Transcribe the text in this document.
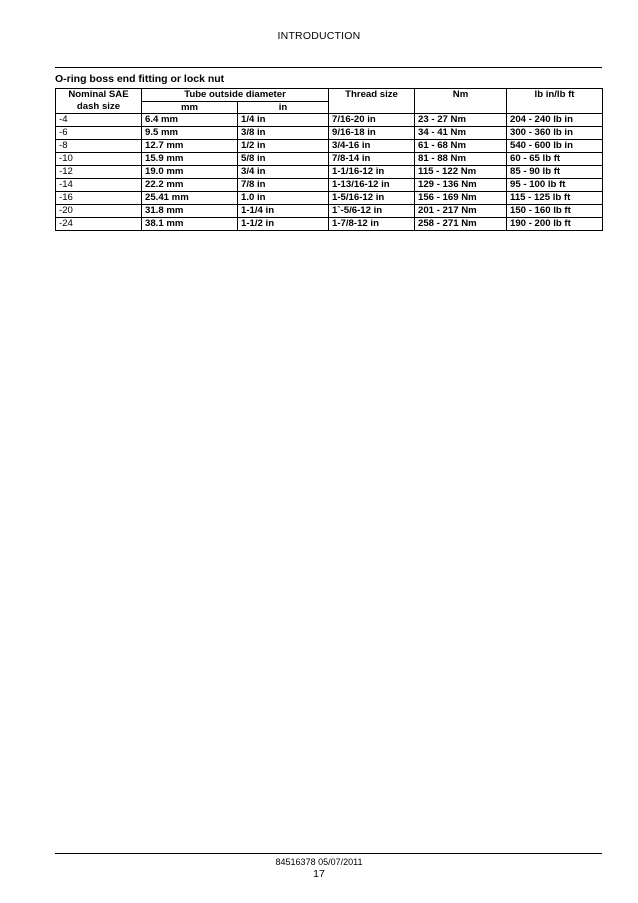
INTRODUCTION
O-ring boss end fitting or lock nut
Nominal SAE
dash size	Tube outside diameter		Thread size	Nm	lb in/lb ft
	mm	in			
-4	6.4 mm	1/4 in	7/16-20 in	23 - 27 Nm	204 - 240 lb in
-6	9.5 mm	3/8 in	9/16-18 in	34 - 41 Nm	300 - 360 lb in
-8	12.7 mm	1/2 in	3/4-16 in	61 - 68 Nm	540 - 600 lb in
-10	15.9 mm	5/8 in	7/8-14 in	81 - 88 Nm	60 - 65 lb ft
-12	19.0 mm	3/4 in	1-1/16-12 in	115 - 122 Nm	85 - 90 lb ft
-14	22.2 mm	7/8 in	1-13/16-12 in	129 - 136 Nm	95 - 100 lb ft
-16	25.41 mm	1.0 in	1-5/16-12 in	156 - 169 Nm	115 - 125 lb ft
-20	31.8 mm	1-1/4 in	1`-5/6-12 in	201 - 217 Nm	150 - 160 lb ft
-24	38.1 mm	1-1/2 in	1-7/8-12 in	258 - 271 Nm	190 - 200 lb ft
84516378 05/07/2011
17
